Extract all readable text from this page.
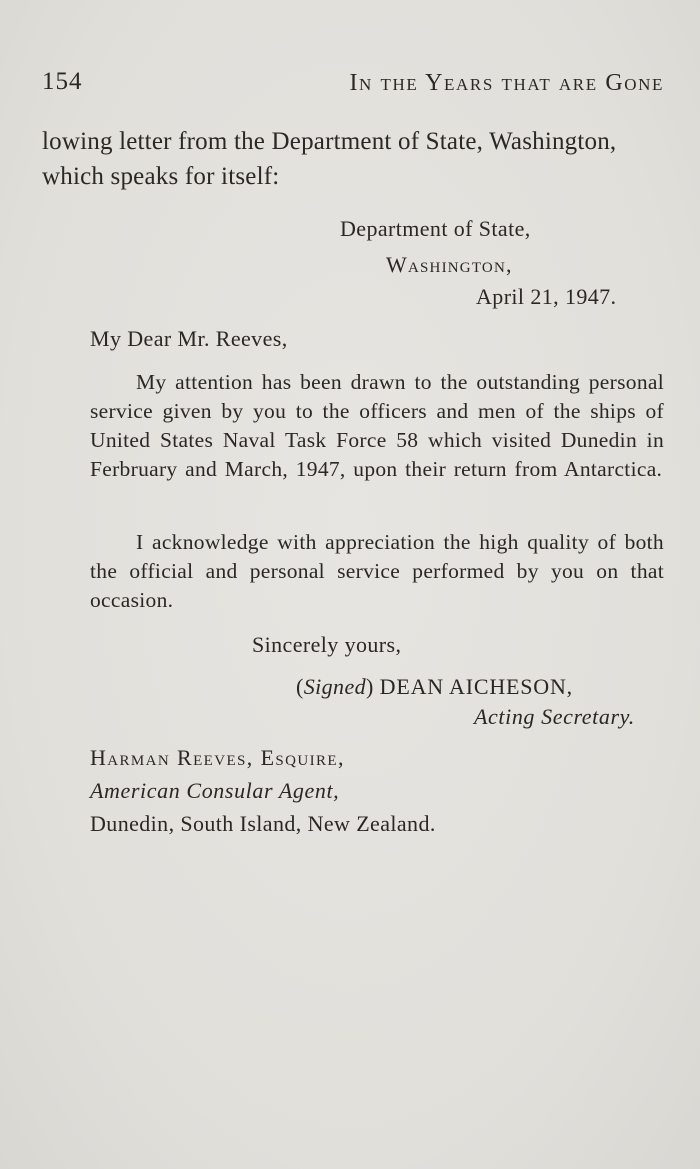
154	In the Years that are Gone

lowing letter from the Department of State, Washington, which speaks for itself:

Department of State,
Washington,
April 21, 1947.
My Dear Mr. Reeves,

My attention has been drawn to the outstanding personal service given by you to the officers and men of the ships of United States Naval Task Force 58 which visited Dunedin in Ferbruary and March, 1947, upon their return from Antarctica.

I acknowledge with appreciation the high quality of both the official and personal service performed by you on that occasion.

Sincerely yours,
(Signed) DEAN AICHESON,
Acting Secretary.
Harman Reeves, Esquire,
American Consular Agent,
Dunedin, South Island, New Zealand.
